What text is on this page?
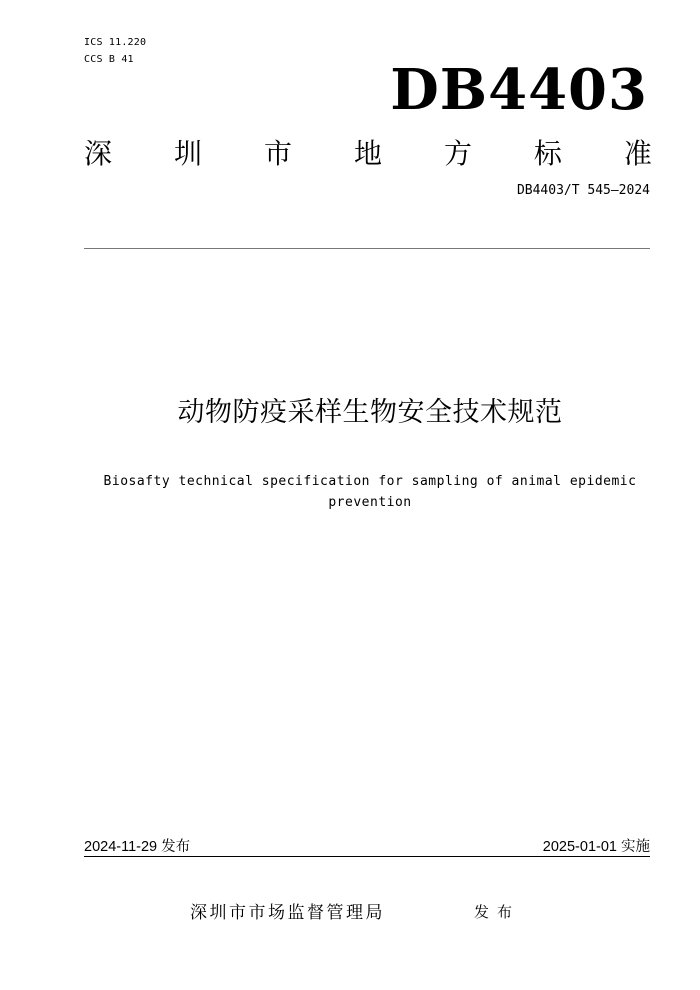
ICS 11.220
CCS B 41	DB4403
深 圳 市 地 方 标 准
DB4403/T 545—2024
动物防疫采样生物安全技术规范
Biosafty technical specification for sampling of animal epidemic
prevention
2024-11-29 发布	2025-01-01 实施
深圳市市场监督管理局	发布
